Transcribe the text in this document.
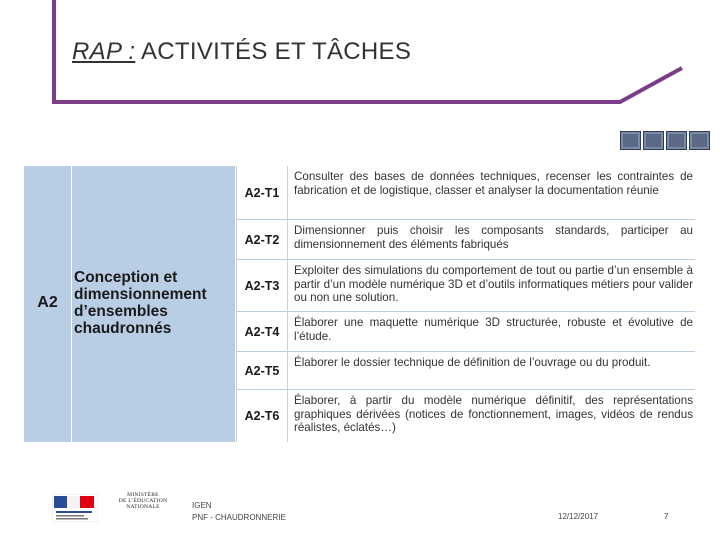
RAP : ACTIVITÉS ET TÂCHES
A2
Conception et dimensionnement d’ensembles chaudronnés
A2-T1
Consulter des bases de données techniques, recenser les contraintes de fabrication et de logistique, classer et analyser la documentation réunie
A2-T2
Dimensionner puis choisir les composants standards, participer au dimensionnement des éléments fabriqués
A2-T3
Exploiter des simulations du comportement de tout ou partie d’un ensemble à partir d’un modèle numérique 3D et d’outils informatiques métiers pour valider ou non une solution.
A2-T4
Élaborer une maquette numérique 3D structurée, robuste et évolutive de l’étude.
A2-T5
Élaborer le dossier technique de définition de l’ouvrage ou du produit.
A2-T6
Élaborer, à partir du modèle numérique définitif, des représentations graphiques dérivées (notices de fonctionnement, images, vidéos de rendus réalistes, éclatés…)
MINISTÈRE
DE L’ÉDUCATION
NATIONALE	IGEN
PNF - CHAUDRONNERIE	12/12/2017	7
